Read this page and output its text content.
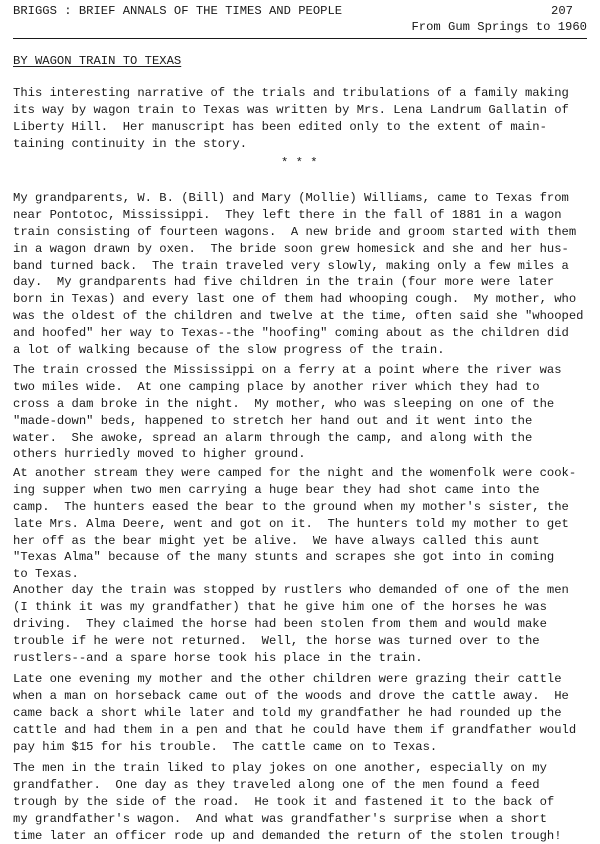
BRIGGS : BRIEF ANNALS OF THE TIMES AND PEOPLE	207
From Gum Springs to 1960
BY WAGON TRAIN TO TEXAS
This interesting narrative of the trials and tribulations of a family making
its way by wagon train to Texas was written by Mrs. Lena Landrum Gallatin of
Liberty Hill.  Her manuscript has been edited only to the extent of main-
taining continuity in the story.
* * *
My grandparents, W. B. (Bill) and Mary (Mollie) Williams, came to Texas from
near Pontotoc, Mississippi.  They left there in the fall of 1881 in a wagon
train consisting of fourteen wagons.  A new bride and groom started with them
in a wagon drawn by oxen.  The bride soon grew homesick and she and her hus-
band turned back.  The train traveled very slowly, making only a few miles a
day.  My grandparents had five children in the train (four more were later
born in Texas) and every last one of them had whooping cough.  My mother, who
was the oldest of the children and twelve at the time, often said she "whooped
and hoofed" her way to Texas--the "hoofing" coming about as the children did
a lot of walking because of the slow progress of the train.
The train crossed the Mississippi on a ferry at a point where the river was
two miles wide.  At one camping place by another river which they had to
cross a dam broke in the night.  My mother, who was sleeping on one of the
"made-down" beds, happened to stretch her hand out and it went into the
water.  She awoke, spread an alarm through the camp, and along with the
others hurriedly moved to higher ground.
At another stream they were camped for the night and the womenfolk were cook-
ing supper when two men carrying a huge bear they had shot came into the
camp.  The hunters eased the bear to the ground when my mother's sister, the
late Mrs. Alma Deere, went and got on it.  The hunters told my mother to get
her off as the bear might yet be alive.  We have always called this aunt
"Texas Alma" because of the many stunts and scrapes she got into in coming
to Texas.
Another day the train was stopped by rustlers who demanded of one of the men
(I think it was my grandfather) that he give him one of the horses he was
driving.  They claimed the horse had been stolen from them and would make
trouble if he were not returned.  Well, the horse was turned over to the
rustlers--and a spare horse took his place in the train.
Late one evening my mother and the other children were grazing their cattle
when a man on horseback came out of the woods and drove the cattle away.  He
came back a short while later and told my grandfather he had rounded up the
cattle and had them in a pen and that he could have them if grandfather would
pay him $15 for his trouble.  The cattle came on to Texas.
The men in the train liked to play jokes on one another, especially on my
grandfather.  One day as they traveled along one of the men found a feed
trough by the side of the road.  He took it and fastened it to the back of
my grandfather's wagon.  And what was grandfather's surprise when a short
time later an officer rode up and demanded the return of the stolen trough!
